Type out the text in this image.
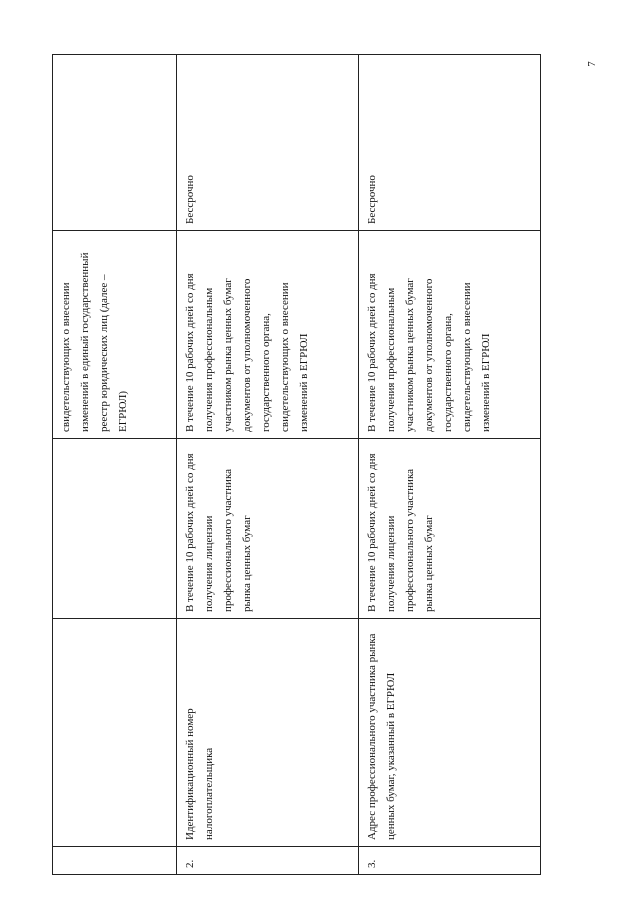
7

			свидетельствующих о внесении изменений в единый государственный реестр юридических лиц (далее – ЕГРЮЛ)	

2.	Идентификационный номер налогоплательщика	В течение 10 рабочих дней со дня получения лицензии профессионального участника рынка ценных бумаг	В течение 10 рабочих дней со дня получения профессиональным участником рынка ценных бумаг документов от уполномоченного государственного органа, свидетельствующих о внесении изменений в ЕГРЮЛ	Бессрочно

3.	Адрес профессионального участника рынка ценных бумаг, указанный в ЕГРЮЛ	В течение 10 рабочих дней со дня получения лицензии профессионального участника рынка ценных бумаг	В течение 10 рабочих дней со дня получения профессиональным участником рынка ценных бумаг документов от уполномоченного государственного органа, свидетельствующих о внесении изменений в ЕГРЮЛ	Бессрочно
